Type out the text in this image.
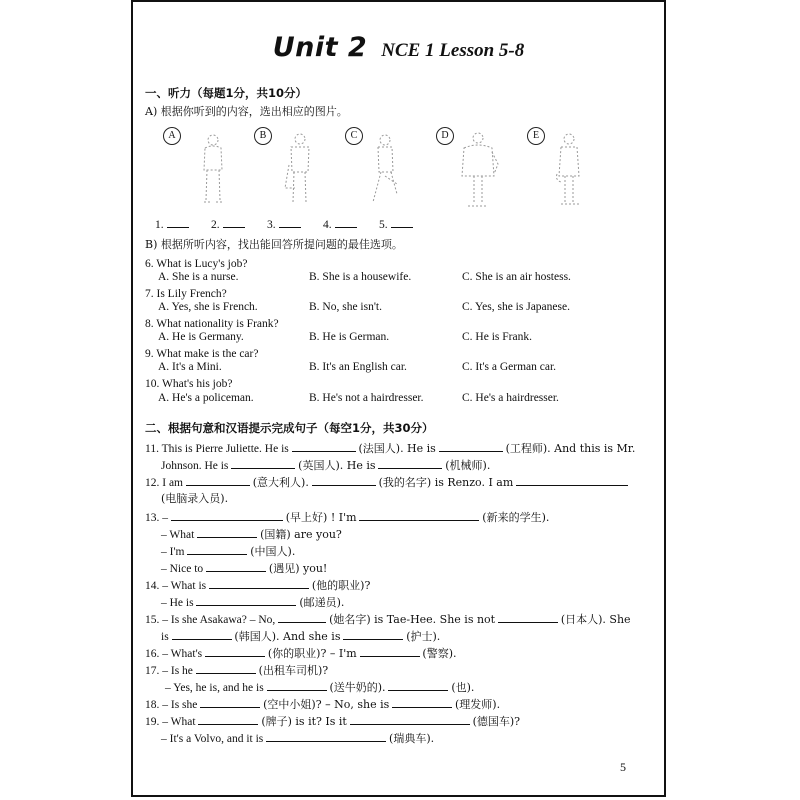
Unit 2 NCE 1 Lesson 5-8
一、听力（每题1分，共10分）
A) 根据你听到的内容，选出相应的图片。
A	B	C	D	E
1.	2.	3.	4.	5.
B) 根据所听内容，找出能回答所提问题的最佳选项。
6. What is Lucy's job?
A. She is a nurse.	B. She is a housewife.	C. She is an air hostess.
7. Is Lily French?
A. Yes, she is French.	B. No, she isn't.	C. Yes, she is Japanese.
8. What nationality is Frank?
A. He is Germany.	B. He is German.	C. He is Frank.
9. What make is the car?
A. It's a Mini.	B. It's an English car.	C. It's a German car.
10. What's his job?
A. He's a policeman.	B. He's not a hairdresser.	C. He's a hairdresser.
二、根据句意和汉语提示完成句子（每空1分，共30分）
11. This is Pierre Juliette. He is	(法国人). He is	(工程师). And this is Mr.
Johnson. He is	(英国人). He is	(机械师).
12. I am	(意大利人).	(我的名字) is Renzo. I am
(电脑录入员).
13. –	(早上好) ! I'm	(新来的学生).
– What	(国籍) are you?
– I'm	(中国人).
– Nice to	(遇见) you!
14. – What is	(他的职业)?
– He is	(邮递员).
15. – Is she Asakawa? – No,	(她名字) is Tae-Hee. She is not	(日本人). She
is	(韩国人). And she is	(护士).
16. – What's	(你的职业)? – I'm	(警察).
17. – Is he	(出租车司机)?
– Yes, he is, and he is	(送牛奶的).	(也).
18. – Is she	(空中小姐)? – No, she is	(理发师).
19. – What	(牌子) is it? Is it	(德国车)?
– It's a Volvo, and it is	(瑞典车).
5
